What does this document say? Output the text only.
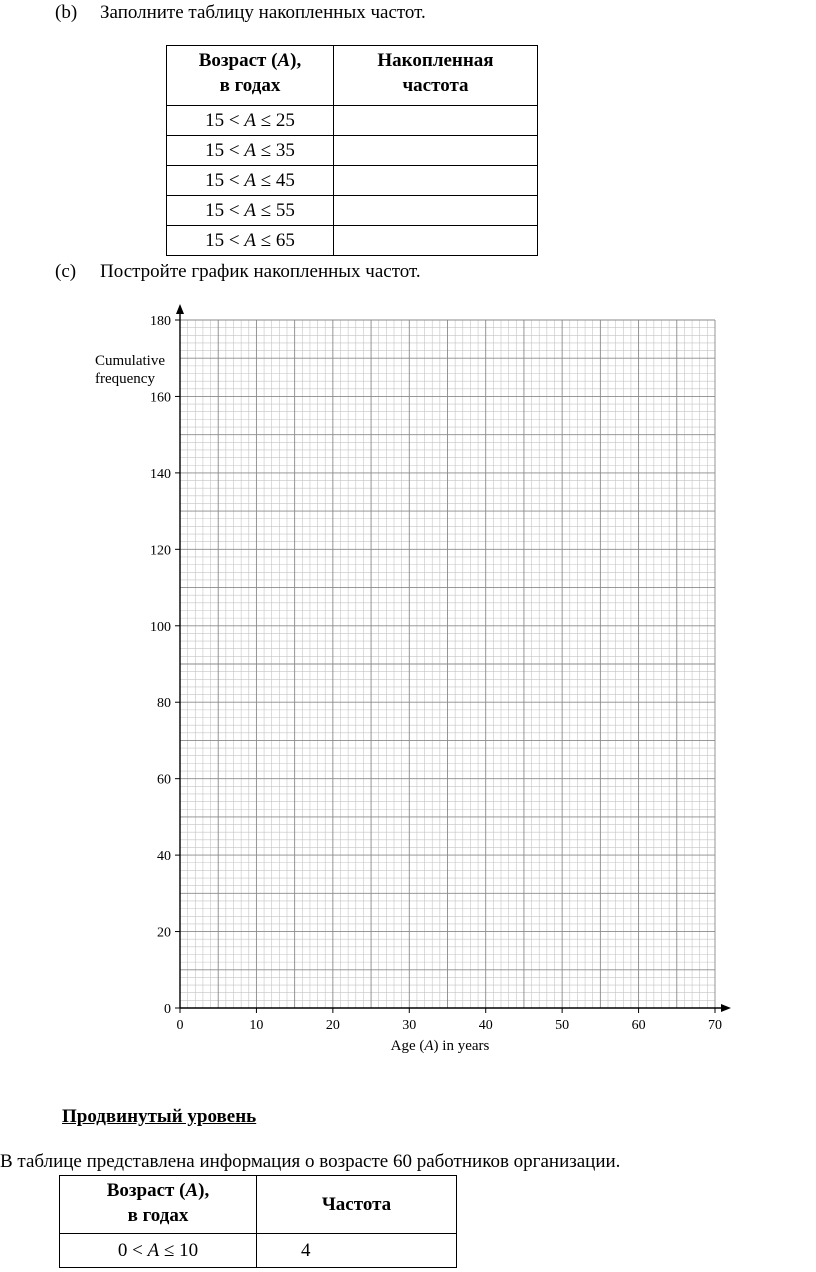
(b) Заполните таблицу накопленных частот.
Возраст (A),
в годах	Накопленная
частота
15 < A ≤ 25	
15 < A ≤ 35	
15 < A ≤ 45	
15 < A ≤ 55	
15 < A ≤ 65	
(c) Постройте график накопленных частот.
0	10	20	30	40	50	60	70
0
20
40
60
80
100
120
140
160
180
Cumulative
frequency
Age (A) in years
Продвинутый уровень
В таблице представлена информация о возрасте 60 работников организации.
Возраст (A),
в годах	Частота
0 < A ≤ 10	4
